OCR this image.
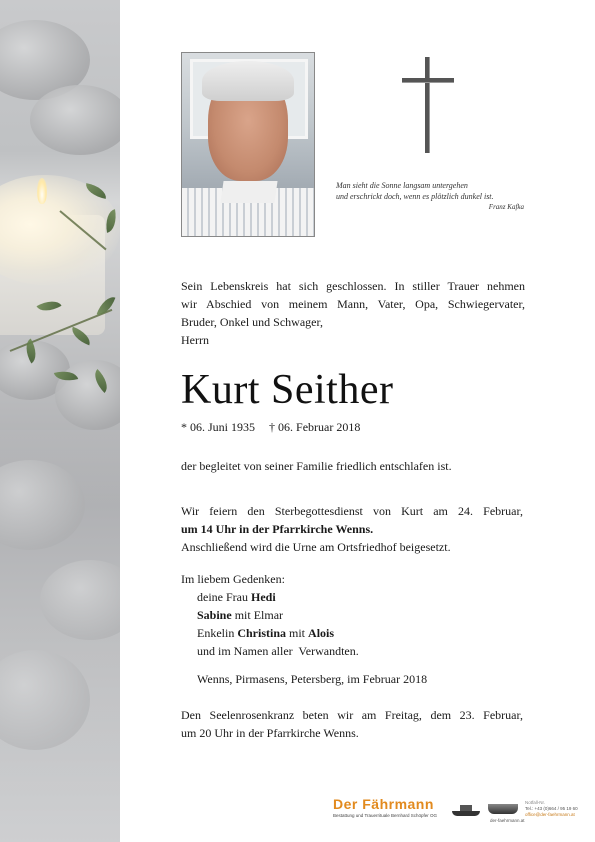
Man sieht die Sonne langsam untergehen
und erschrickt doch, wenn es plötzlich dunkel ist.
Franz Kafka
Sein Lebenskreis hat sich geschlossen. In stiller Trauer nehmen
wir Abschied von meinem Mann, Vater, Opa, Schwiegervater,
Bruder, Onkel und Schwager,
Herrn
Kurt Seither
* 06. Juni 1935 † 06. Februar 2018
der begleitet von seiner Familie friedlich entschlafen ist.
Wir feiern den Sterbegottesdienst von Kurt am 24. Februar,
um 14 Uhr in der Pfarrkirche Wenns.
Anschließend wird die Urne am Ortsfriedhof beigesetzt.
Im liebem Gedenken:
deine Frau Hedi
Sabine mit Elmar
Enkelin Christina mit Alois
und im Namen aller  Verwandten.
Wenns, Pirmasens, Petersberg, im Februar 2018
Den Seelenrosenkranz beten wir am Freitag, dem 23. Februar,
um 20 Uhr in der Pfarrkirche Wenns.
Der Fährmann
Bestattung und Trauerrituale Bernhard Schöpfer OG
Notfall-Nr.
Tel.: +43 (0)664 / 95 19 60
office@der-faehrmann.at
der-faehrmann.at
